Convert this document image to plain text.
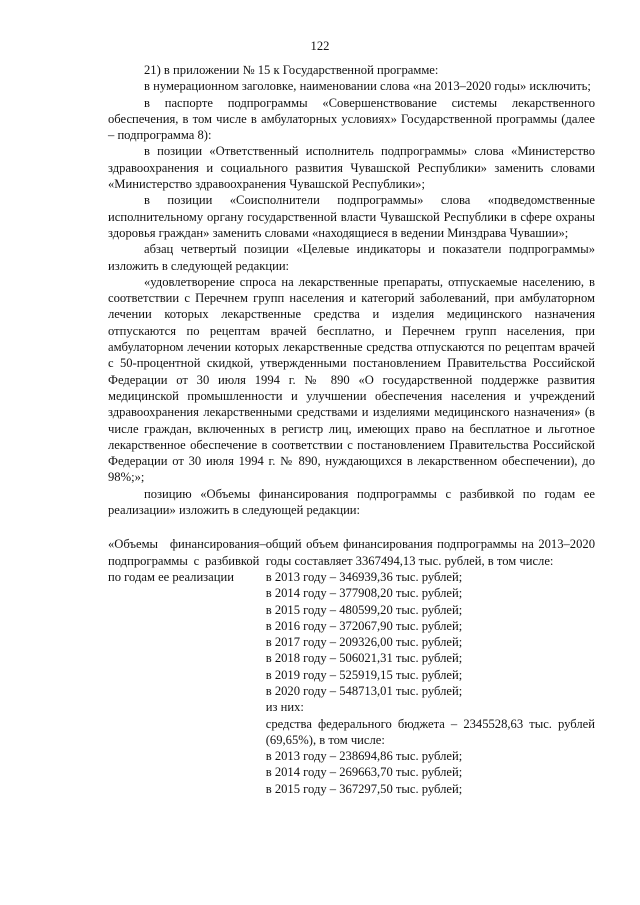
122

21) в приложении № 15 к Государственной программе:

в нумерационном заголовке, наименовании слова «на 2013–2020 годы» исключить;

в паспорте подпрограммы «Совершенствование системы лекарственного обеспечения, в том числе в амбулаторных условиях» Государственной программы (далее – подпрограмма 8):

в позиции «Ответственный исполнитель подпрограммы» слова «Министерство здравоохранения и социального развития Чувашской Республики» заменить словами «Министерство здравоохранения Чувашской Республики»;

в позиции «Соисполнители подпрограммы» слова «подведомственные исполнительному органу государственной власти Чувашской Республики в сфере охраны здоровья граждан» заменить словами «находящиеся в ведении Минздрава Чувашии»;

абзац четвертый позиции «Целевые индикаторы и показатели подпрограммы» изложить в следующей редакции:

«удовлетворение спроса на лекарственные препараты, отпускаемые населению, в соответствии с Перечнем групп населения и категорий заболеваний, при амбулаторном лечении которых лекарственные средства и изделия медицинского назначения отпускаются по рецептам врачей бесплатно, и Перечнем групп населения, при амбулаторном лечении которых лекарственные средства отпускаются по рецептам врачей с 50-процентной скидкой, утвержденными постановлением Правительства Российской Федерации от 30 июля 1994 г. № 890 «О государственной поддержке развития медицинской промышленности и улучшении обеспечения населения и учреждений здравоохранения лекарственными средствами и изделиями медицинского назначения» (в числе граждан, включенных в регистр лиц, имеющих право на бесплатное и льготное лекарственное обеспечение в соответствии с постановлением Правительства Российской Федерации от 30 июля 1994 г. № 890, нуждающихся в лекарственном обеспечении), до 98%;»;

позицию «Объемы финансирования подпрограммы с разбивкой по годам ее реализации» изложить в следующей редакции:

«Объемы финансирования подпрограммы с разбивкой по годам ее реализации
– общий объем финансирования подпрограммы на 2013–2020 годы составляет 3367494,13 тыс. рублей, в том числе:
в 2013 году – 346939,36 тыс. рублей;
в 2014 году – 377908,20 тыс. рублей;
в 2015 году – 480599,20 тыс. рублей;
в 2016 году – 372067,90 тыс. рублей;
в 2017 году – 209326,00 тыс. рублей;
в 2018 году – 506021,31 тыс. рублей;
в 2019 году – 525919,15 тыс. рублей;
в 2020 году – 548713,01 тыс. рублей;
из них:
средства федерального бюджета – 2345528,63 тыс. рублей (69,65%), в том числе:
в 2013 году – 238694,86 тыс. рублей;
в 2014 году – 269663,70 тыс. рублей;
в 2015 году – 367297,50 тыс. рублей;
